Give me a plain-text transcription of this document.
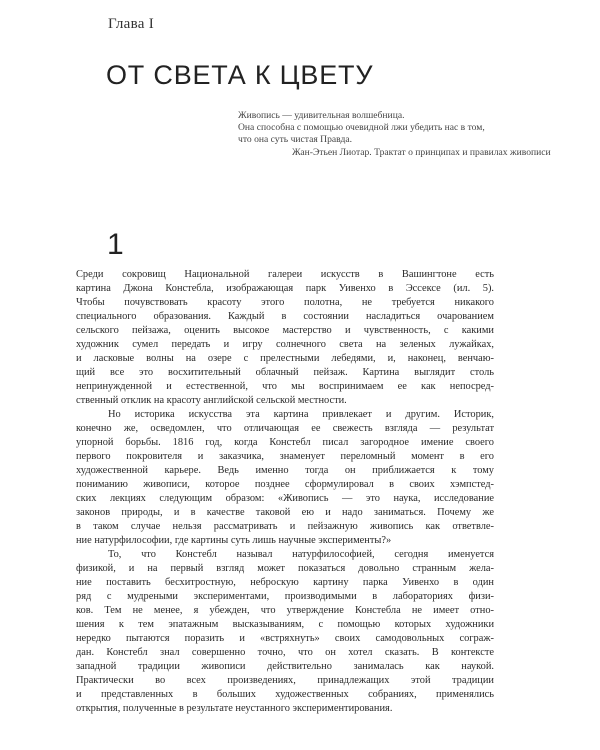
Глава I
ОТ СВЕТА К ЦВЕТУ
Живопись — удивительная волшебница.
Она способна с помощью очевидной лжи убедить нас в том,
что она суть чистая Правда.
Жан-Этьен Лиотар. Трактат о принципах и правилах живописи
1
Среди сокровищ Национальной галереи искусств в Вашингтоне есть
картина Джона Констебла, изображающая парк Уивенхо в Эссексе (ил. 5).
Чтобы почувствовать красоту этого полотна, не требуется никакого
специального образования. Каждый в состоянии насладиться очарованием
сельского пейзажа, оценить высокое мастерство и чувственность, с какими
художник сумел передать и игру солнечного света на зеленых лужайках,
и ласковые волны на озере с прелестными лебедями, и, наконец, венчаю-
щий все это восхитительный облачный пейзаж. Картина выглядит столь
непринужденной и естественной, что мы воспринимаем ее как непосред-
ственный отклик на красоту английской сельской местности.
Но историка искусства эта картина привлекает и другим. Историк,
конечно же, осведомлен, что отличающая ее свежесть взгляда — результат
упорной борьбы. 1816 год, когда Констебл писал загородное имение своего
первого покровителя и заказчика, знаменует переломный момент в его
художественной карьере. Ведь именно тогда он приближается к тому
пониманию живописи, которое позднее сформулировал в своих хэмпстед-
ских лекциях следующим образом: «Живопись — это наука, исследование
законов природы, и в качестве таковой ею и надо заниматься. Почему же
в таком случае нельзя рассматривать и пейзажную живопись как ответвле-
ние натурфилософии, где картины суть лишь научные эксперименты?»
То, что Констебл называл натурфилософией, сегодня именуется
физикой, и на первый взгляд может показаться довольно странным жела-
ние поставить бесхитростную, неброскую картину парка Уивенхо в один
ряд с мудреными экспериментами, производимыми в лабораториях физи-
ков. Тем не менее, я убежден, что утверждение Констебла не имеет отно-
шения к тем эпатажным высказываниям, с помощью которых художники
нередко пытаются поразить и «встряхнуть» своих самодовольных сограж-
дан. Констебл знал совершенно точно, что он хотел сказать. В контексте
западной традиции живописи действительно занималась как наукой.
Практически во всех произведениях, принадлежащих этой традиции
и представленных в больших художественных собраниях, применялись
открытия, полученные в результате неустанного экспериментирования.
